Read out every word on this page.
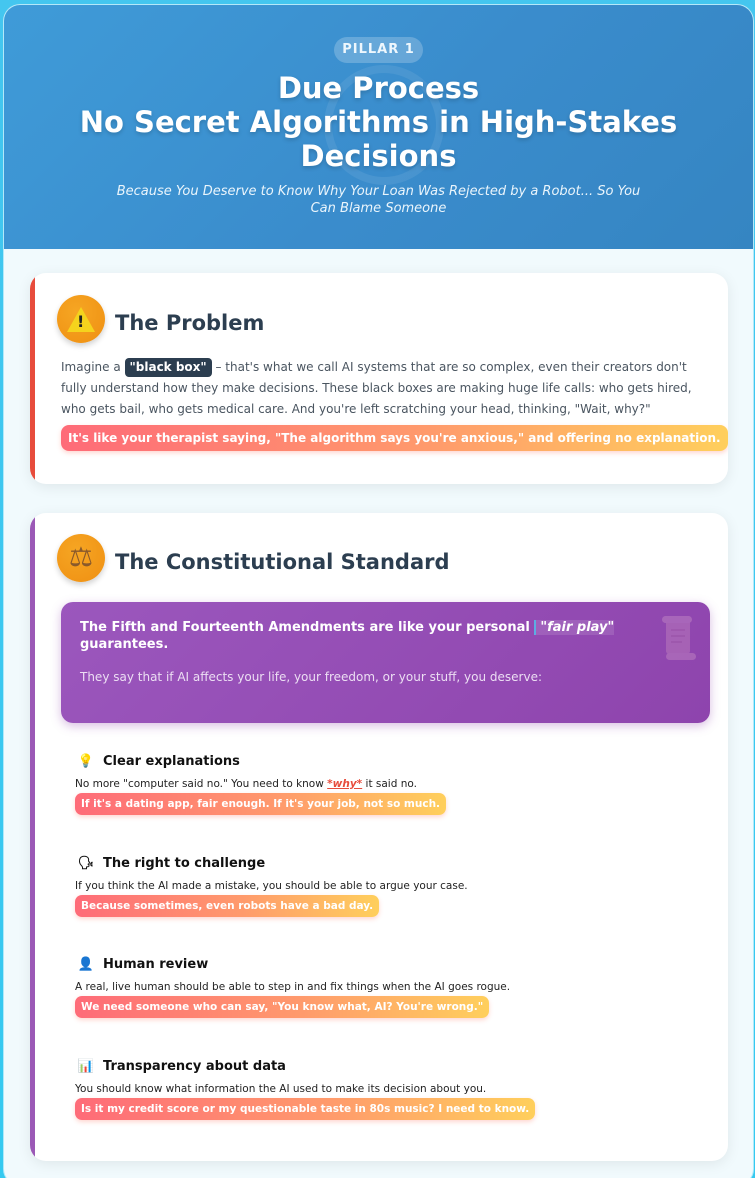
PILLAR 1
Due Process
No Secret Algorithms in High-Stakes
Decisions
Because You Deserve to Know Why Your Loan Was Rejected by a Robot... So You Can Blame Someone
! The Problem
Imagine a "black box" – that's what we call AI systems that are so complex, even their creators don't fully understand how they make decisions. These black boxes are making huge life calls: who gets hired, who gets bail, who gets medical care. And you're left scratching your head, thinking, "Wait, why?"
It's like your therapist saying, "The algorithm says you're anxious," and offering no explanation.
⚖ The Constitutional Standard
The Fifth and Fourteenth Amendments are like your personal "fair play" guarantees.
They say that if AI affects your life, your freedom, or your stuff, you deserve:
💡 Clear explanations
No more "computer said no." You need to know *why* it said no.
If it's a dating app, fair enough. If it's your job, not so much.
🗣 The right to challenge
If you think the AI made a mistake, you should be able to argue your case.
Because sometimes, even robots have a bad day.
👤 Human review
A real, live human should be able to step in and fix things when the AI goes rogue.
We need someone who can say, "You know what, AI? You're wrong."
📊 Transparency about data
You should know what information the AI used to make its decision about you.
Is it my credit score or my questionable taste in 80s music? I need to know.
